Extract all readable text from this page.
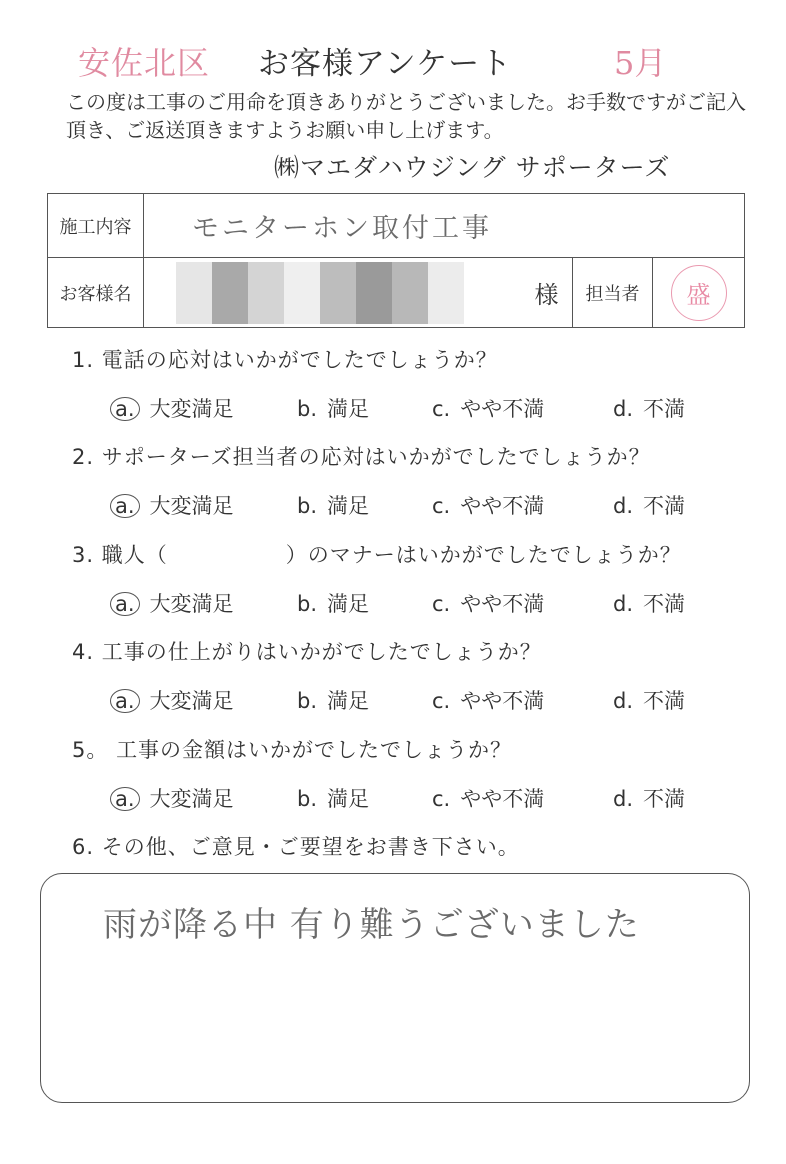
安佐北区 お客様アンケート	5月
この度は工事のご用命を頂きありがとうございました。お手数ですがご記入頂き、ご返送頂きますようお願い申し上げます。
㈱マエダハウジング サポーターズ
施工内容	モニターホン取付工事
お客様名	様	担当者	盛
1. 電話の応対はいかがでしたでしょうか？
a. 大変満足	b. 満足	c. やや不満	d. 不満
2. サポーターズ担当者の応対はいかがでしたでしょうか？
a. 大変満足	b. 満足	c. やや不満	d. 不満
3. 職人（	）のマナーはいかがでしたでしょうか？
a. 大変満足	b. 満足	c. やや不満	d. 不満
4. 工事の仕上がりはいかがでしたでしょうか？
a. 大変満足	b. 満足	c. やや不満	d. 不満
5。 工事の金額はいかがでしたでしょうか？
a. 大変満足	b. 満足	c. やや不満	d. 不満
6. その他、ご意見・ご要望をお書き下さい。
雨が降る中 有り難うございました
